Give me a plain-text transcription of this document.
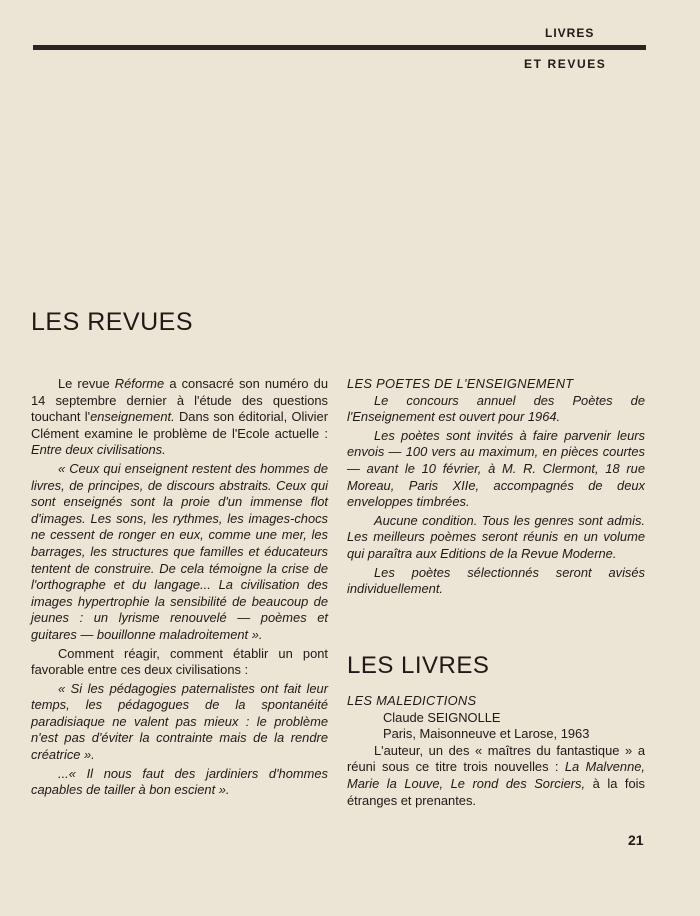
LIVRES
ET REVUES
LES REVUES

Le revue Réforme a consacré son numéro du 14 septembre dernier à l'étude des questions touchant l'enseignement. Dans son éditorial, Olivier Clément examine le problème de l'Ecole actuelle : Entre deux civilisations.

« Ceux qui enseignent restent des hommes de livres, de principes, de discours abstraits. Ceux qui sont enseignés sont la proie d'un immense flot d'images. Les sons, les rythmes, les images-chocs ne cessent de ronger en eux, comme une mer, les barrages, les structures que familles et éducateurs tentent de construire. De cela témoigne la crise de l'orthographe et du langage... La civilisation des images hypertrophie la sensibilité de beaucoup de jeunes : un lyrisme renouvelé — poèmes et guitares — bouillonne maladroitement ».

Comment réagir, comment établir un pont favorable entre ces deux civilisations :

« Si les pédagogies paternalistes ont fait leur temps, les pédagogues de la spontanéité paradisiaque ne valent pas mieux : le problème n'est pas d'éviter la contrainte mais de la rendre créatrice ».

...« Il nous faut des jardiniers d'hommes capables de tailler à bon escient ».

LES POETES DE L'ENSEIGNEMENT

Le concours annuel des Poètes de l'Enseignement est ouvert pour 1964.

Les poètes sont invités à faire parvenir leurs envois — 100 vers au maximum, en pièces courtes — avant le 10 février, à M. R. Clermont, 18 rue Moreau, Paris XIIe, accompagnés de deux enveloppes timbrées.

Aucune condition. Tous les genres sont admis. Les meilleurs poèmes seront réunis en un volume qui paraîtra aux Editions de la Revue Moderne.

Les poètes sélectionnés seront avisés individuellement.

LES LIVRES

LES MALEDICTIONS

Claude SEIGNOLLE

Paris, Maisonneuve et Larose, 1963

L'auteur, un des « maîtres du fantastique » a réuni sous ce titre trois nouvelles : La Malvenne, Marie la Louve, Le rond des Sorciers, à la fois étranges et prenantes.

21
